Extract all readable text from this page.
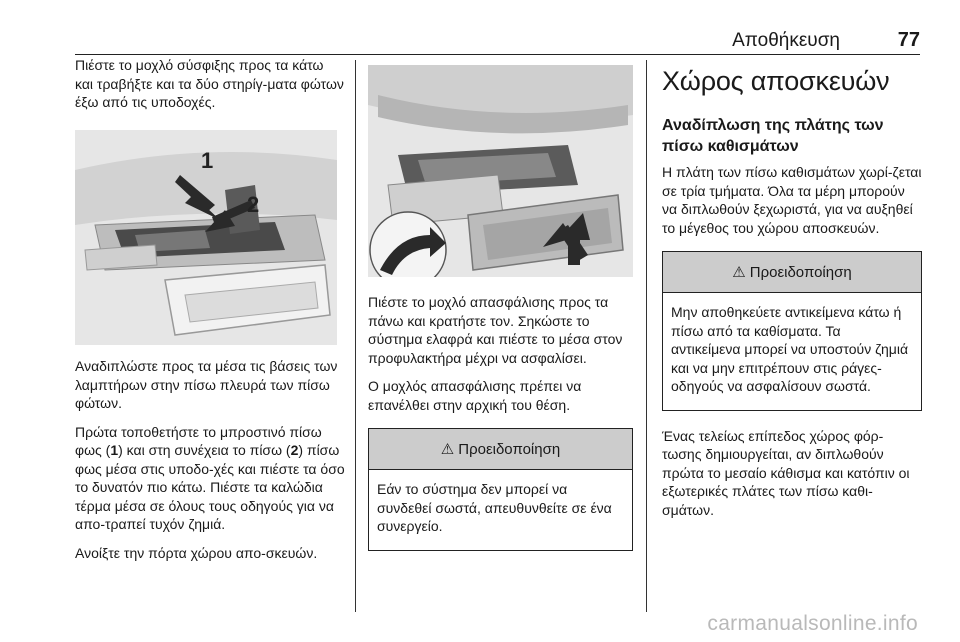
Αποθήκευση	77

Πιέστε το μοχλό σύσφιξης προς τα κάτω και τραβήξτε και τα δύο στηρίγ-ματα φώτων έξω από τις υποδοχές.

1
2

Αναδιπλώστε προς τα μέσα τις βάσεις των λαμπτήρων στην πίσω πλευρά των πίσω φώτων.

Πρώτα τοποθετήστε το μπροστινό πίσω φως (1) και στη συνέχεια το πίσω (2) πίσω φως μέσα στις υποδο-χές και πιέστε τα όσο το δυνατόν πιο κάτω. Πιέστε τα καλώδια τέρμα μέσα σε όλους τους οδηγούς για να απο-τραπεί τυχόν ζημιά.

Ανοίξτε την πόρτα χώρου απο-σκευών.

Πιέστε το μοχλό απασφάλισης προς τα πάνω και κρατήστε τον. Σηκώστε το σύστημα ελαφρά και πιέστε το μέσα στον προφυλακτήρα μέχρι να ασφαλίσει.

Ο μοχλός απασφάλισης πρέπει να επανέλθει στην αρχική του θέση.

⚠ Προειδοποίηση

Εάν το σύστημα δεν μπορεί να συνδεθεί σωστά, απευθυνθείτε σε ένα συνεργείο.

Χώρος αποσκευών
Αναδίπλωση της πλάτης των πίσω καθισμάτων

Η πλάτη των πίσω καθισμάτων χωρί-ζεται σε τρία τμήματα. Όλα τα μέρη μπορούν να διπλωθούν ξεχωριστά, για να αυξηθεί το μέγεθος του χώρου αποσκευών.

⚠ Προειδοποίηση

Μην αποθηκεύετε αντικείμενα κάτω ή πίσω από τα καθίσματα. Τα αντικείμενα μπορεί να υποστούν ζημιά και να μην επιτρέπουν στις ράγες-οδηγούς να ασφαλίσουν σωστά.

Ένας τελείως επίπεδος χώρος φόρ-τωσης δημιουργείται, αν διπλωθούν πρώτα το μεσαίο κάθισμα και κατόπιν οι εξωτερικές πλάτες των πίσω καθι-σμάτων.

carmanualsonline.info
